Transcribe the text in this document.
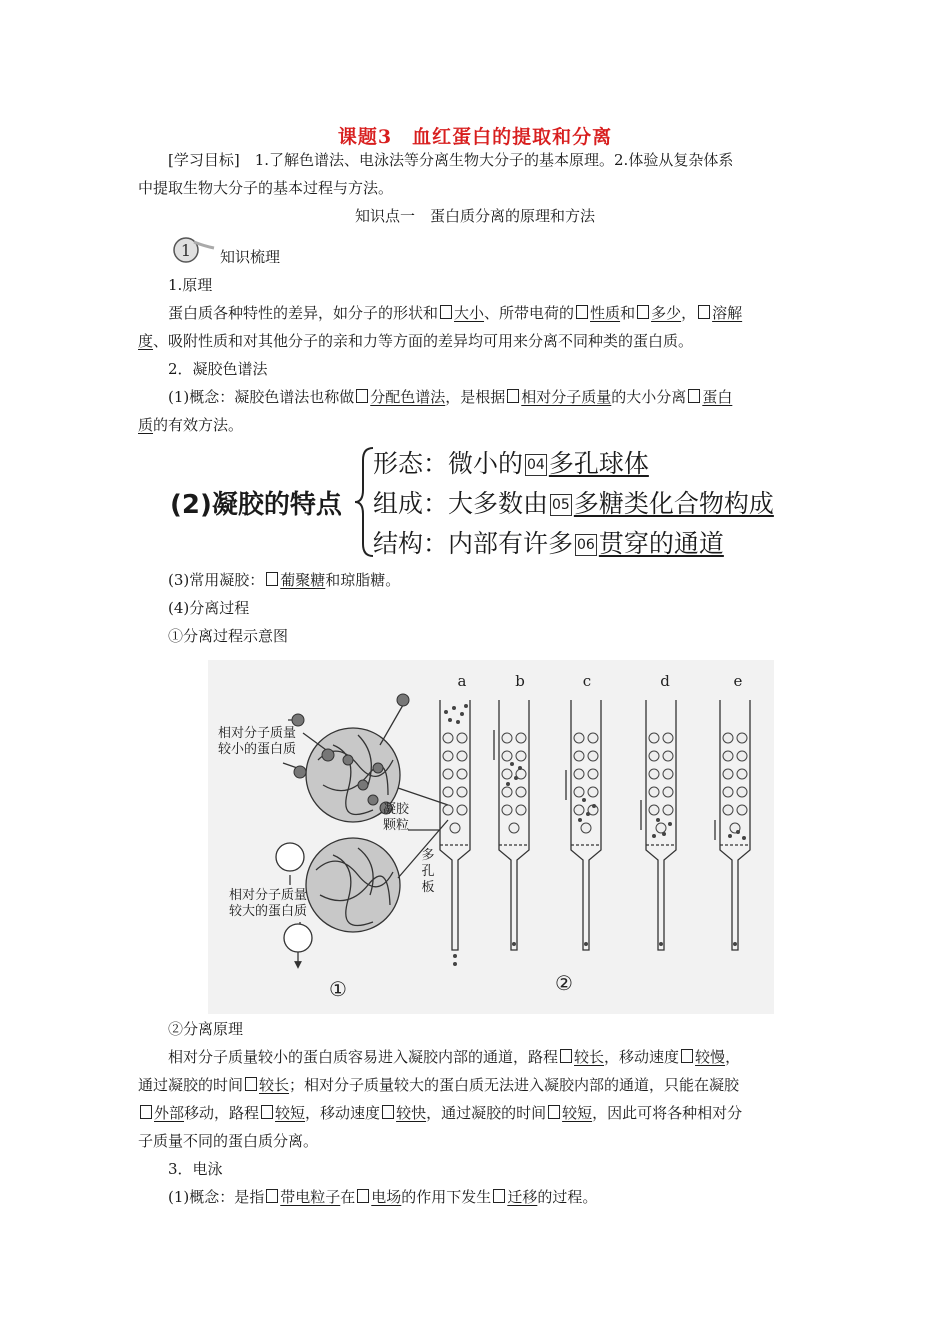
课题3　血红蛋白的提取和分离
[学习目标]　1.了解色谱法、电泳法等分离生物大分子的基本原理。2.体验从复杂体系
中提取生物大分子的基本过程与方法。
知识点一　蛋白质分离的原理和方法
1 知识梳理
1.原理
蛋白质各种特性的差异，如分子的形状和 大小、所带电荷的 性质和 多少， 溶解
度、吸附性质和对其他分子的亲和力等方面的差异均可用来分离不同种类的蛋白质。
2．凝胶色谱法
(1)概念：凝胶色谱法也称做 分配色谱法，是根据 相对分子质量的大小分离 蛋白
质的有效方法。
(2)凝胶的特点
形态：微小的 04 多孔球体
组成：大多数由 05 多糖类化合物构成
结构：内部有许多 06 贯穿的通道
(3)常用凝胶： 葡聚糖和琼脂糖。
(4)分离过程
①分离过程示意图
a	b	c	d	e
①	②
相对分子质量
较小的蛋白质
凝胶
颗粒
多
孔
板
相对分子质量
较大的蛋白质
②分离原理
相对分子质量较小的蛋白质容易进入凝胶内部的通道，路程 较长，移动速度 较慢，
通过凝胶的时间 较长；相对分子质量较大的蛋白质无法进入凝胶内部的通道，只能在凝胶
外部移动，路程 较短，移动速度 较快，通过凝胶的时间 较短，因此可将各种相对分
子质量不同的蛋白质分离。
3．电泳
(1)概念：是指 带电粒子在 电场的作用下发生 迁移的过程。
